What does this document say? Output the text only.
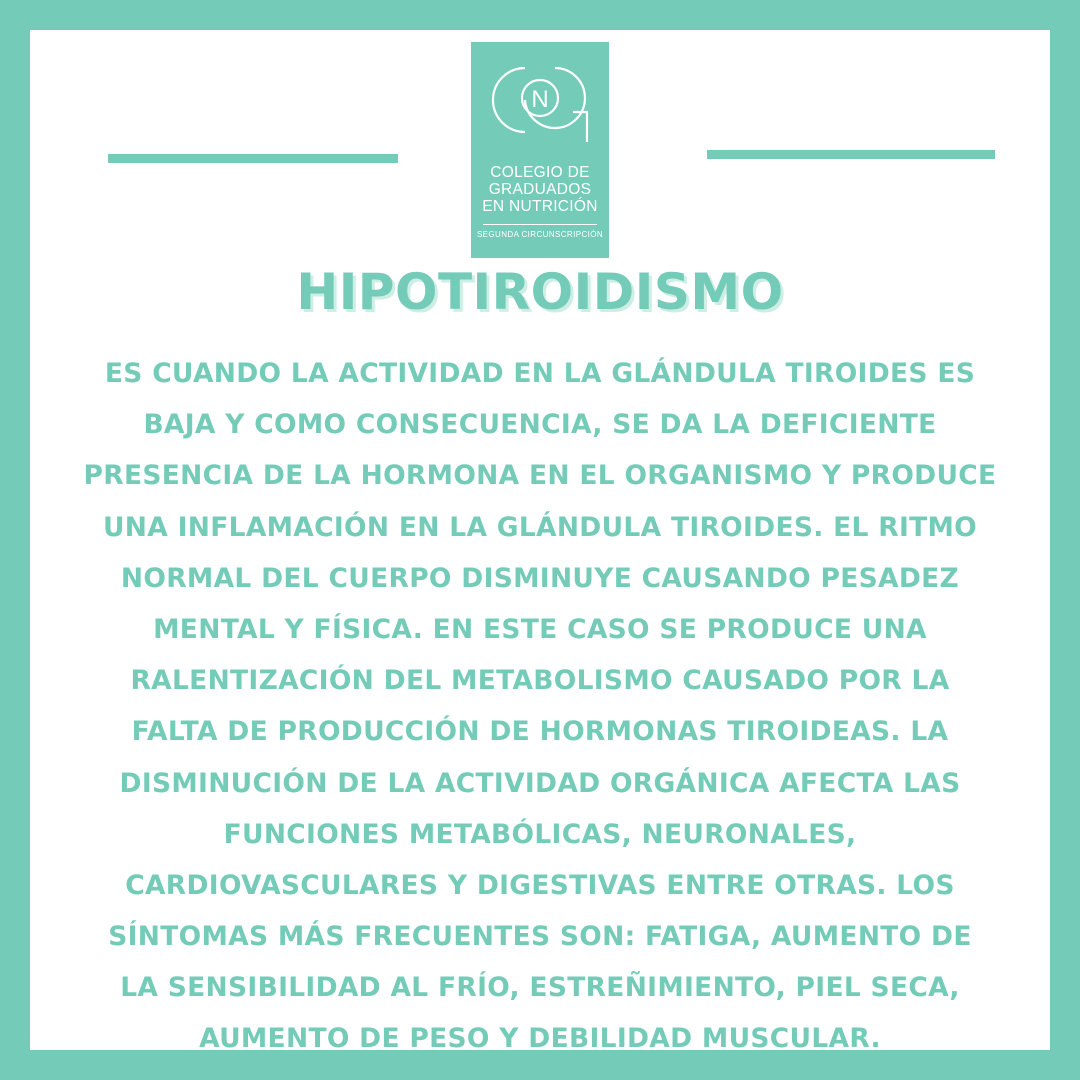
N
COLEGIO DE
GRADUADOS
EN NUTRICIÓN
SEGUNDA CIRCUNSCRIPCIÓN
HIPOTIROIDISMO
ES CUANDO LA ACTIVIDAD EN LA GLÁNDULA TIROIDES ES
BAJA Y COMO CONSECUENCIA, SE DA LA DEFICIENTE
PRESENCIA DE LA HORMONA EN EL ORGANISMO Y PRODUCE
UNA INFLAMACIÓN EN LA GLÁNDULA TIROIDES. EL RITMO
NORMAL DEL CUERPO DISMINUYE CAUSANDO PESADEZ
MENTAL Y FÍSICA. EN ESTE CASO SE PRODUCE UNA
RALENTIZACIÓN DEL METABOLISMO CAUSADO POR LA
FALTA DE PRODUCCIÓN DE HORMONAS TIROIDEAS. LA
DISMINUCIÓN DE LA ACTIVIDAD ORGÁNICA AFECTA LAS
FUNCIONES METABÓLICAS, NEURONALES,
CARDIOVASCULARES Y DIGESTIVAS ENTRE OTRAS. LOS
SÍNTOMAS MÁS FRECUENTES SON: FATIGA, AUMENTO DE
LA SENSIBILIDAD AL FRÍO, ESTREÑIMIENTO, PIEL SECA,
AUMENTO DE PESO Y DEBILIDAD MUSCULAR.
